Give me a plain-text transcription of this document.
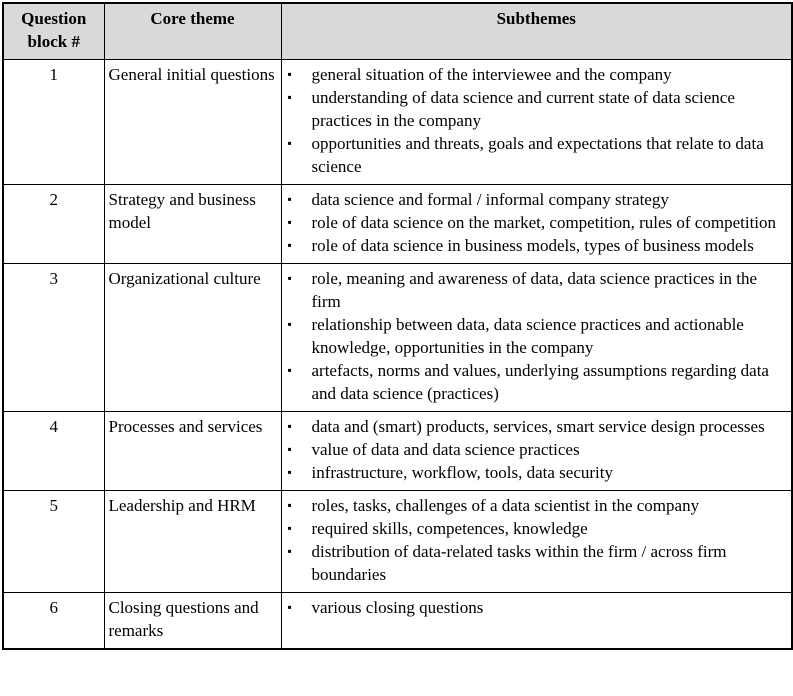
Question block #	Core theme	Subthemes
1	General initial questions	▪	general situation of the interviewee and the company
▪	understanding of data science and current state of data science practices in the company
▪	opportunities and threats, goals and expectations that relate to data science

2	Strategy and business model	
▪	data science and formal / informal company strategy
▪	role of data science on the market, competition, rules of competition
▪	role of data science in business models, types of business models

3	Organizational culture	▪	role, meaning and awareness of data, data science practices in the firm
▪	relationship between data, data science practices and actionable knowledge, opportunities in the company
▪	artefacts, norms and values, underlying assumptions regarding data and data science (practices)

4	Processes and services	▪	data and (smart) products, services, smart service design processes
▪	value of data and data science practices
▪	infrastructure, workflow, tools, data security

5	Leadership and HRM	▪	roles, tasks, challenges of a data scientist in the company
▪	required skills, competences, knowledge
▪	distribution of data-related tasks within the firm / across firm boundaries

6	Closing questions and remarks	▪ various closing questions
